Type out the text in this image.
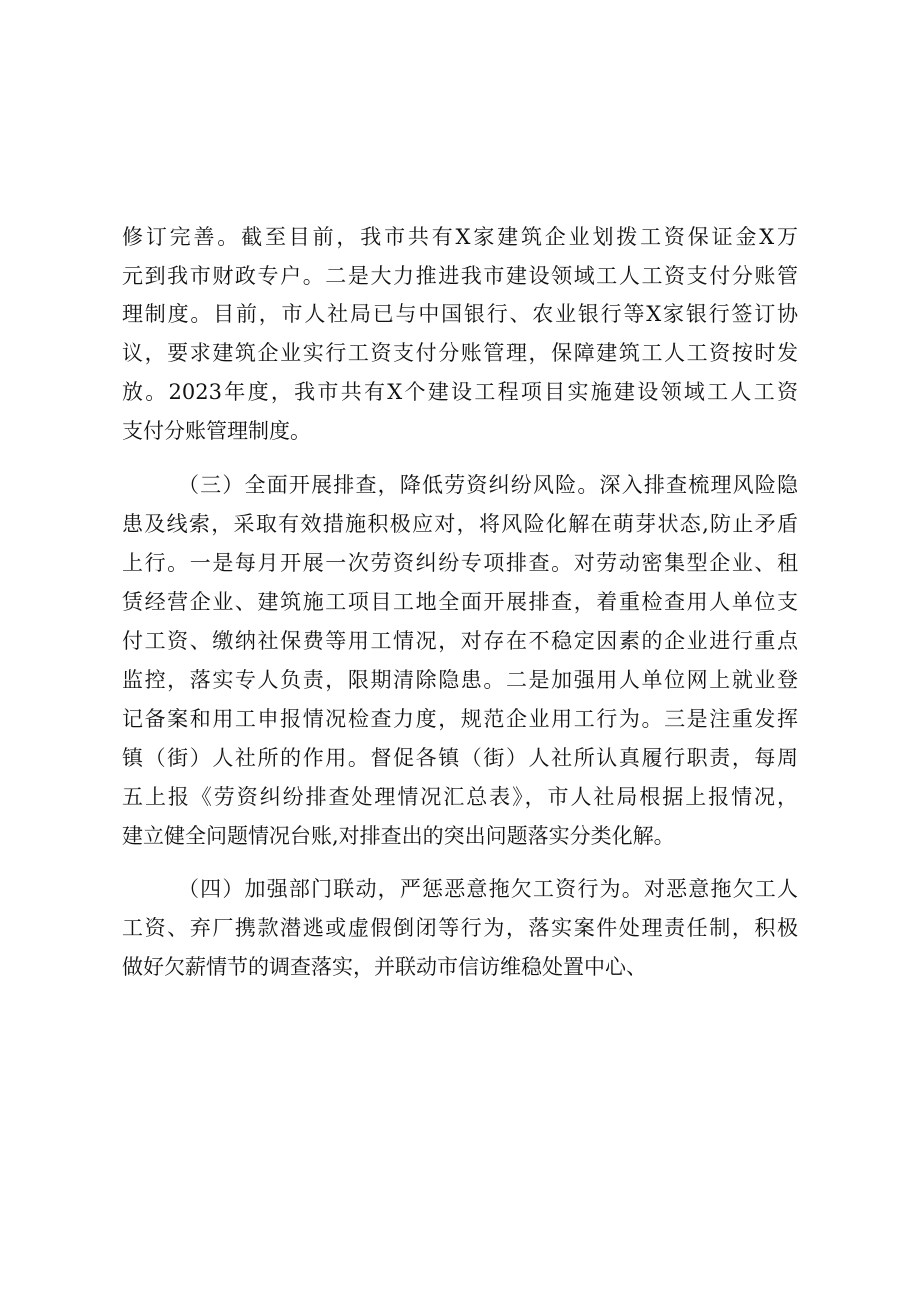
修订完善。截至目前，我市共有X家建筑企业划拨工资保证金X万
元到我市财政专户。二是大力推进我市建设领域工人工资支付分账管
理制度。目前，市人社局已与中国银行、农业银行等X家银行签订协
议，要求建筑企业实行工资支付分账管理，保障建筑工人工资按时发
放。2023年度，我市共有X个建设工程项目实施建设领域工人工资
支付分账管理制度。
（三）全面开展排查，降低劳资纠纷风险。深入排查梳理风险隐
患及线索，采取有效措施积极应对，将风险化解在萌芽状态,防止矛盾
上行。一是每月开展一次劳资纠纷专项排查。对劳动密集型企业、租
赁经营企业、建筑施工项目工地全面开展排查，着重检查用人单位支
付工资、缴纳社保费等用工情况，对存在不稳定因素的企业进行重点
监控，落实专人负责，限期清除隐患。二是加强用人单位网上就业登
记备案和用工申报情况检查力度，规范企业用工行为。三是注重发挥
镇（街）人社所的作用。督促各镇（街）人社所认真履行职责，每周
五上报《劳资纠纷排查处理情况汇总表》，市人社局根据上报情况，
建立健全问题情况台账,对排查出的突出问题落实分类化解。
（四）加强部门联动，严惩恶意拖欠工资行为。对恶意拖欠工人
工资、弃厂携款潜逃或虚假倒闭等行为，落实案件处理责任制，积极
做好欠薪情节的调查落实，并联动市信访维稳处置中心、
